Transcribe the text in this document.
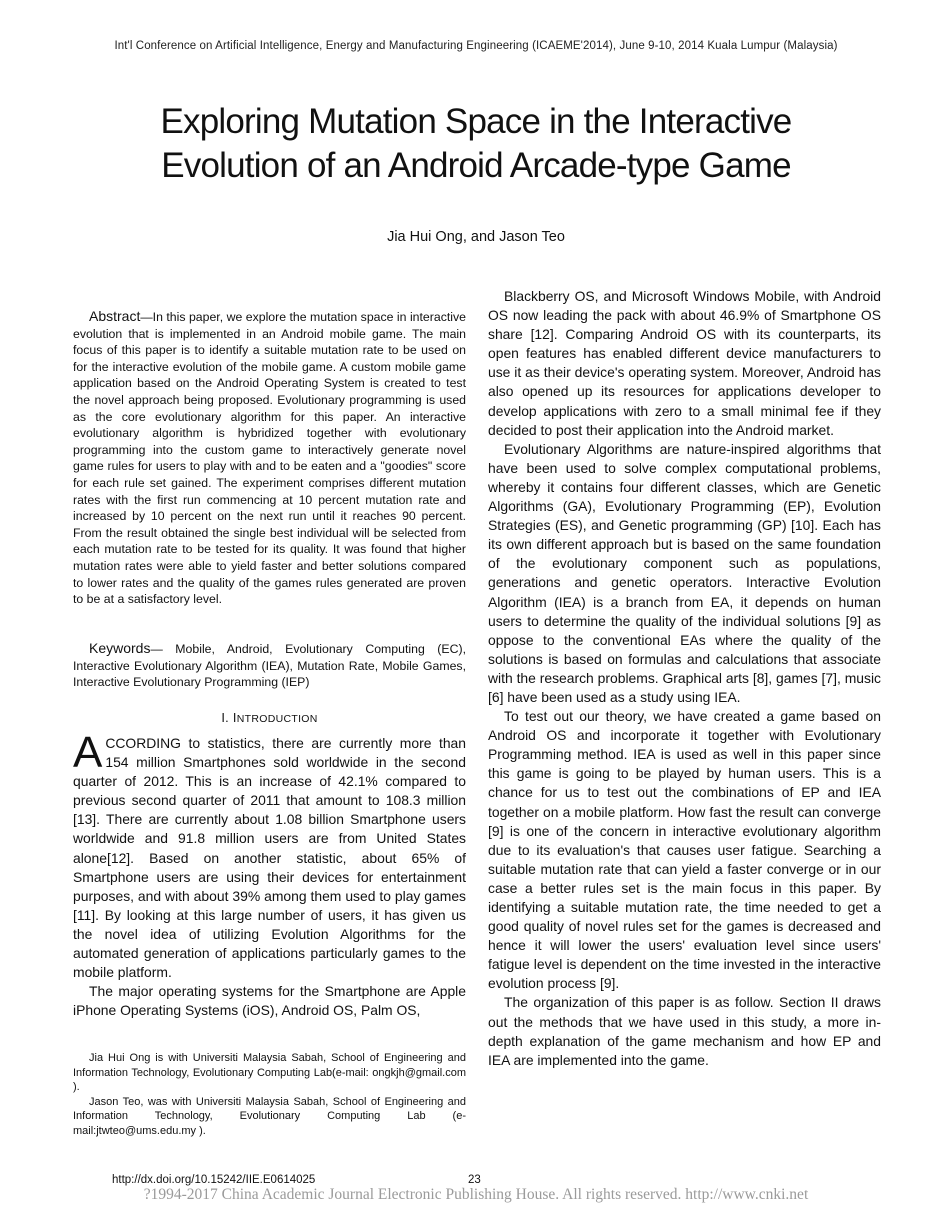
Int'l Conference on Artificial Intelligence, Energy and Manufacturing Engineering (ICAEME'2014), June 9-10, 2014 Kuala Lumpur (Malaysia)
Exploring Mutation Space in the Interactive
Evolution of an Android Arcade-type Game
Jia Hui Ong, and Jason Teo

Abstract—In this paper, we explore the mutation space in interactive evolution that is implemented in an Android mobile game. The main focus of this paper is to identify a suitable mutation rate to be used on for the interactive evolution of the mobile game. A custom mobile game application based on the Android Operating System is created to test the novel approach being proposed. Evolutionary programming is used as the core evolutionary algorithm for this paper. An interactive evolutionary algorithm is hybridized together with evolutionary programming into the custom game to interactively generate novel game rules for users to play with and to be eaten and a "goodies" score for each rule set gained. The experiment comprises different mutation rates with the first run commencing at 10 percent mutation rate and increased by 10 percent on the next run until it reaches 90 percent. From the result obtained the single best individual will be selected from each mutation rate to be tested for its quality. It was found that higher mutation rates were able to yield faster and better solutions compared to lower rates and the quality of the games rules generated are proven to be at a satisfactory level.

Keywords— Mobile, Android, Evolutionary Computing (EC), Interactive Evolutionary Algorithm (IEA), Mutation Rate, Mobile Games, Interactive Evolutionary Programming (IEP)

I. INTRODUCTION

ACCORDING to statistics, there are currently more than 154 million Smartphones sold worldwide in the second quarter of 2012. This is an increase of 42.1% compared to previous second quarter of 2011 that amount to 108.3 million [13]. There are currently about 1.08 billion Smartphone users worldwide and 91.8 million users are from United States alone[12]. Based on another statistic, about 65% of Smartphone users are using their devices for entertainment purposes, and with about 39% among them used to play games [11]. By looking at this large number of users, it has given us the novel idea of utilizing Evolution Algorithms for the automated generation of applications particularly games to the mobile platform.

The major operating systems for the Smartphone are Apple iPhone Operating Systems (iOS), Android OS, Palm OS,

Jia Hui Ong is with Universiti Malaysia Sabah, School of Engineering and Information Technology, Evolutionary Computing Lab(e-mail: ongkjh@gmail.com ).

Jason Teo, was with Universiti Malaysia Sabah, School of Engineering and Information Technology, Evolutionary Computing Lab (e-mail:jtwteo@ums.edu.my ).

Blackberry OS, and Microsoft Windows Mobile, with Android OS now leading the pack with about 46.9% of Smartphone OS share [12]. Comparing Android OS with its counterparts, its open features has enabled different device manufacturers to use it as their device's operating system. Moreover, Android has also opened up its resources for applications developer to develop applications with zero to a small minimal fee if they decided to post their application into the Android market.

Evolutionary Algorithms are nature-inspired algorithms that have been used to solve complex computational problems, whereby it contains four different classes, which are Genetic Algorithms (GA), Evolutionary Programming (EP), Evolution Strategies (ES), and Genetic programming (GP) [10]. Each has its own different approach but is based on the same foundation of the evolutionary component such as populations, generations and genetic operators. Interactive Evolution Algorithm (IEA) is a branch from EA, it depends on human users to determine the quality of the individual solutions [9] as oppose to the conventional EAs where the quality of the solutions is based on formulas and calculations that associate with the research problems. Graphical arts [8], games [7], music [6] have been used as a study using IEA.

To test out our theory, we have created a game based on Android OS and incorporate it together with Evolutionary Programming method. IEA is used as well in this paper since this game is going to be played by human users. This is a chance for us to test out the combinations of EP and IEA together on a mobile platform. How fast the result can converge [9] is one of the concern in interactive evolutionary algorithm due to its evaluation's that causes user fatigue. Searching a suitable mutation rate that can yield a faster converge or in our case a better rules set is the main focus in this paper. By identifying a suitable mutation rate, the time needed to get a good quality of novel rules set for the games is decreased and hence it will lower the users' evaluation level since users' fatigue level is dependent on the time invested in the interactive evolution process [9].

The organization of this paper is as follow. Section II draws out the methods that we have used in this study, a more in-depth explanation of the game mechanism and how EP and IEA are implemented into the game.

http://dx.doi.org/10.15242/IIE.E0614025	23
?1994-2017 China Academic Journal Electronic Publishing House. All rights reserved. http://www.cnki.net
